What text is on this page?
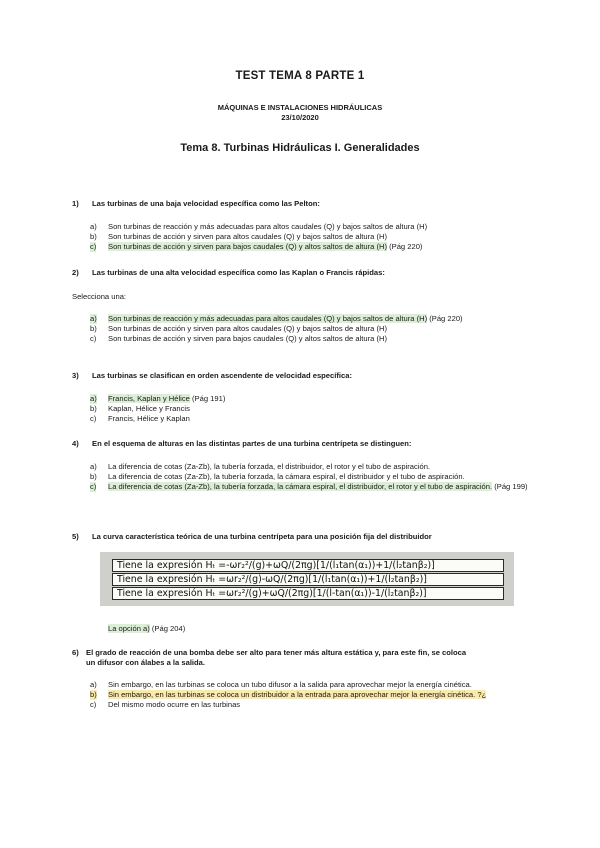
TEST TEMA 8 PARTE 1
MÁQUINAS E INSTALACIONES HIDRÁULICAS
23/10/2020
Tema 8. Turbinas Hidráulicas I. Generalidades
1) Las turbinas de una baja velocidad específica como las Pelton:
a) Son turbinas de reacción y más adecuadas para altos caudales (Q) y bajos saltos de altura (H)
b) Son turbinas de acción y sirven para altos caudales (Q) y bajos saltos de altura (H)
c) Son turbinas de acción y sirven para bajos caudales (Q) y altos saltos de altura (H) (Pág 220)
2) Las turbinas de una alta velocidad específica como las Kaplan o Francis rápidas:
Selecciona una:
a) Son turbinas de reacción y más adecuadas para altos caudales (Q) y bajos saltos de altura (H) (Pág 220)
b) Son turbinas de acción y sirven para altos caudales (Q) y bajos saltos de altura (H)
c) Son turbinas de acción y sirven para bajos caudales (Q) y altos saltos de altura (H)
3) Las turbinas se clasifican en orden ascendente de velocidad específica:
a) Francis, Kaplan y Hélice (Pág 191)
b) Kaplan, Hélice y Francis
c) Francis, Hélice y Kaplan
4) En el esquema de alturas en las distintas partes de una turbina centrípeta se distinguen:
a) La diferencia de cotas (Za-Zb), la tubería forzada, el distribuidor, el rotor y el tubo de aspiración.
b) La diferencia de cotas (Za-Zb), la tubería forzada, la cámara espiral, el distribuidor y el tubo de aspiración.
c) La diferencia de cotas (Za-Zb), la tubería forzada, la cámara espiral, el distribuidor, el rotor y el tubo de aspiración. (Pág 199)
5) La curva característica teórica de una turbina centrípeta para una posición fija del distribuidor
Tiene la expresión Hₜ =-ωr₂²/(g)+ωQ/(2πg)[1/(l₁tan(α₁))+1/(l₂tanβ₂)]
Tiene la expresión Hₜ =ωr₂²/(g)-ωQ/(2πg)[1/(l₁tan(α₁))+1/(l₂tanβ₂)]
Tiene la expresión Hₜ =ωr₂²/(g)+ωQ/(2πg)[1/(l-tan(α₁))-1/(l₂tanβ₂)]
La opción a) (Pág 204)
6) El grado de reacción de una bomba debe ser alto para tener más altura estática y, para este fin, se coloca un difusor con álabes a la salida.
a) Sin embargo, en las turbinas se coloca un tubo difusor a la salida para aprovechar mejor la energía cinética.
b) Sin embargo, en las turbinas se coloca un distribuidor a la entrada para aprovechar mejor la energía cinética. ?¿
c) Del mismo modo ocurre en las turbinas
